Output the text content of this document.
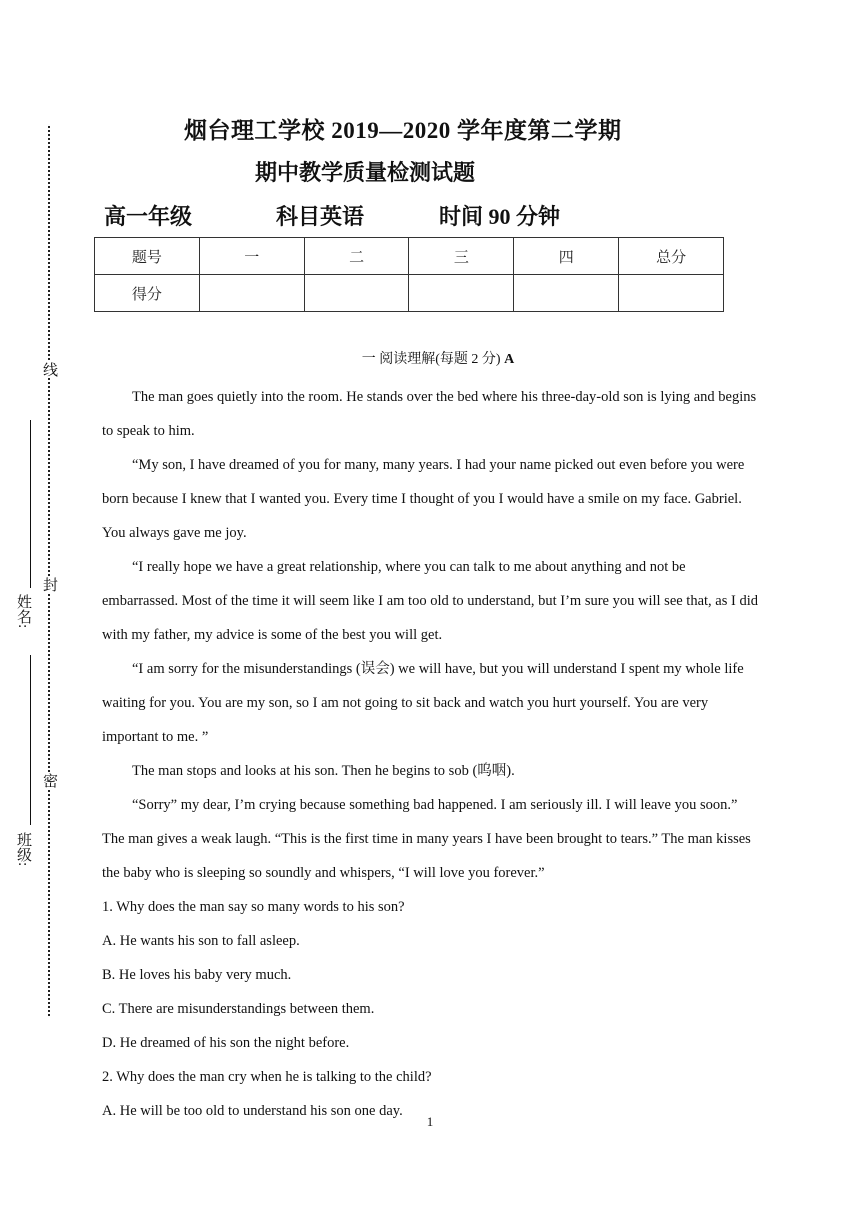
线
封
密
姓名:
班级:
烟台理工学校 2019—2020 学年度第二学期
期中教学质量检测试题
高一年级	科目英语	时间 90 分钟
题号	一	二	三	四	总分
得分					
一 阅读理解(每题 2 分) A

The man goes quietly into the room. He stands over the bed where his three-day-old son is lying and begins to speak to him.

“My son, I have dreamed of you for many, many years. I had your name picked out even before you were born because I knew that I wanted you. Every time I thought of you I would have a smile on my face. Gabriel. You always gave me joy.

“I really hope we have a great relationship, where you can talk to me about anything and not be embarrassed. Most of the time it will seem like I am too old to understand, but I’m sure you will see that, as I did with my father, my advice is some of the best you will get.

“I am sorry for the misunderstandings (误会) we will have, but you will understand I spent my whole life waiting for you. You are my son, so I am not going to sit back and watch you hurt yourself. You are very important to me. ”

The man stops and looks at his son. Then he begins to sob (呜咽).

“Sorry” my dear, I’m crying because something bad happened. I am seriously ill. I will leave you soon.” The man gives a weak laugh. “This is the first time in many years I have been brought to tears.” The man kisses the baby who is sleeping so soundly and whispers, “I will love you forever.”

1. Why does the man say so many words to his son?

A. He wants his son to fall asleep.

B. He loves his baby very much.

C. There are misunderstandings between them.

D. He dreamed of his son the night before.

2. Why does the man cry when he is talking to the child?

A. He will be too old to understand his son one day.

1
